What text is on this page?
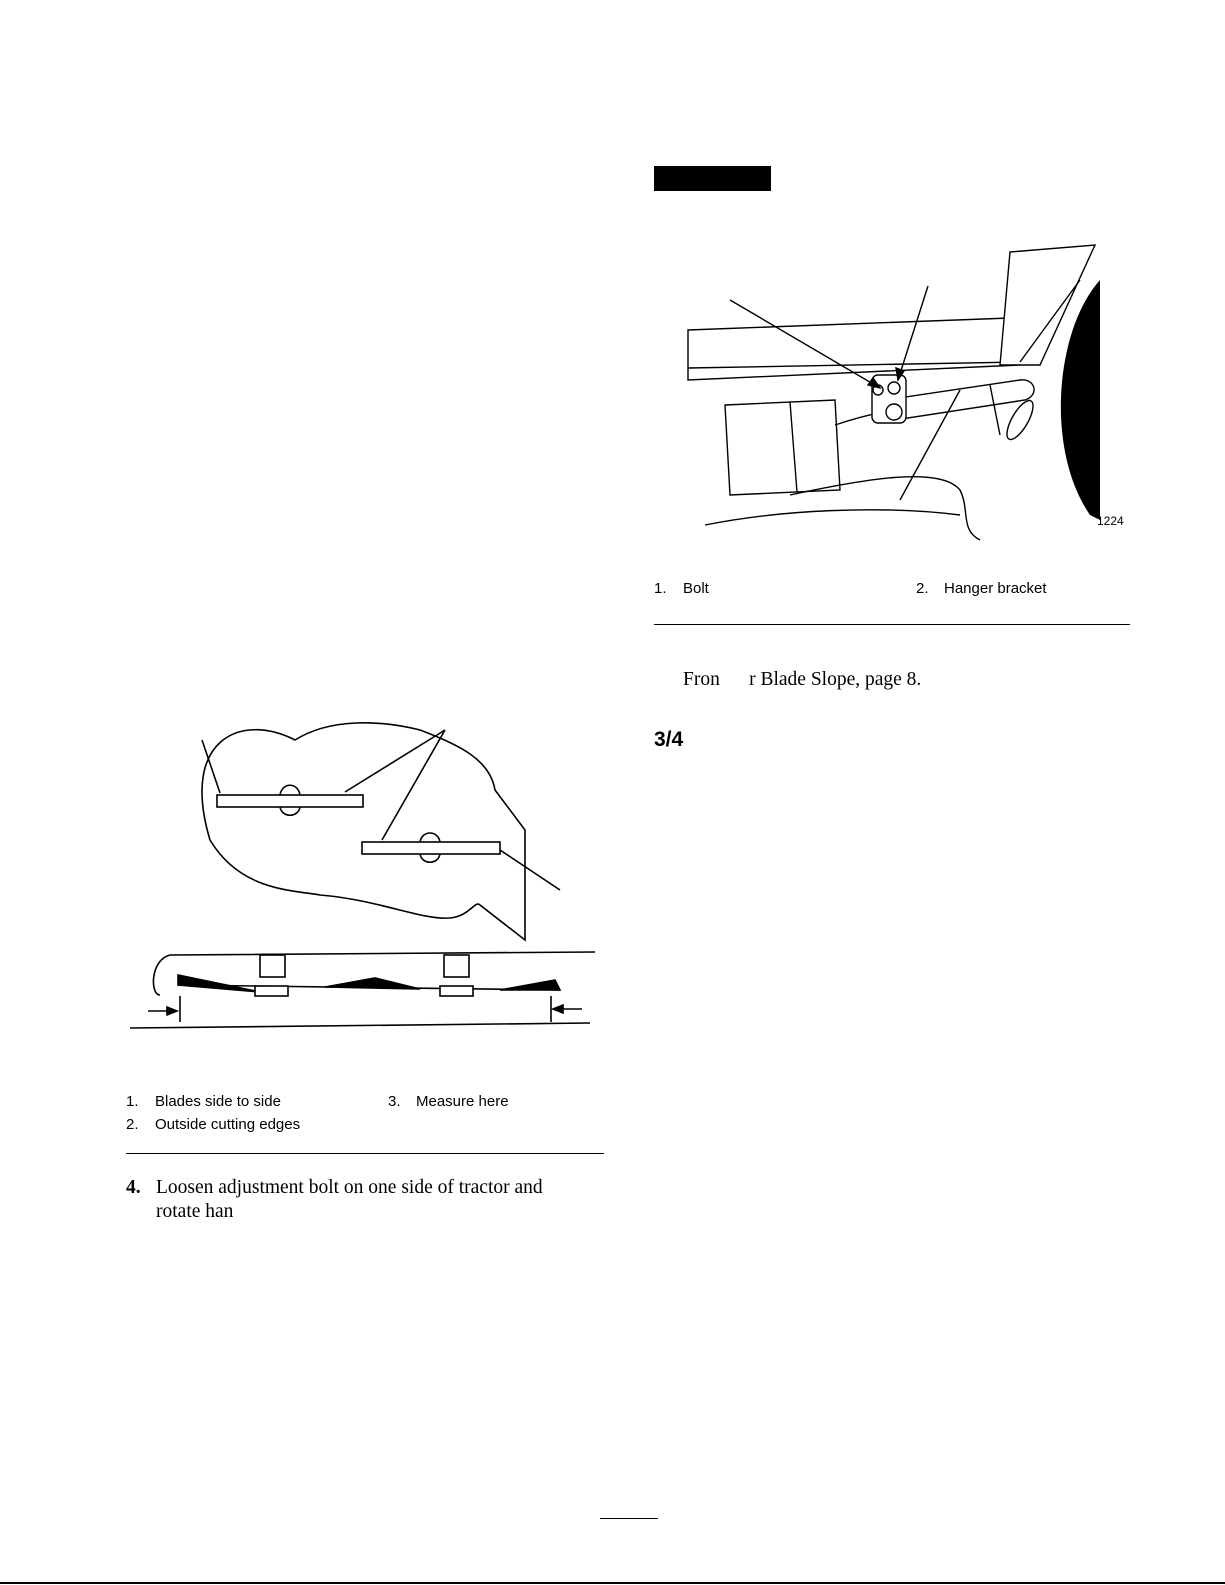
1224
1. Bolt	2. Hanger bracket
Fron      r Blade Slope, page 8.
3/4
1. Blades side to side	3. Measure here
2. Outside cutting edges
4. Loosen adjustment bolt on one side of tractor and
rotate han
